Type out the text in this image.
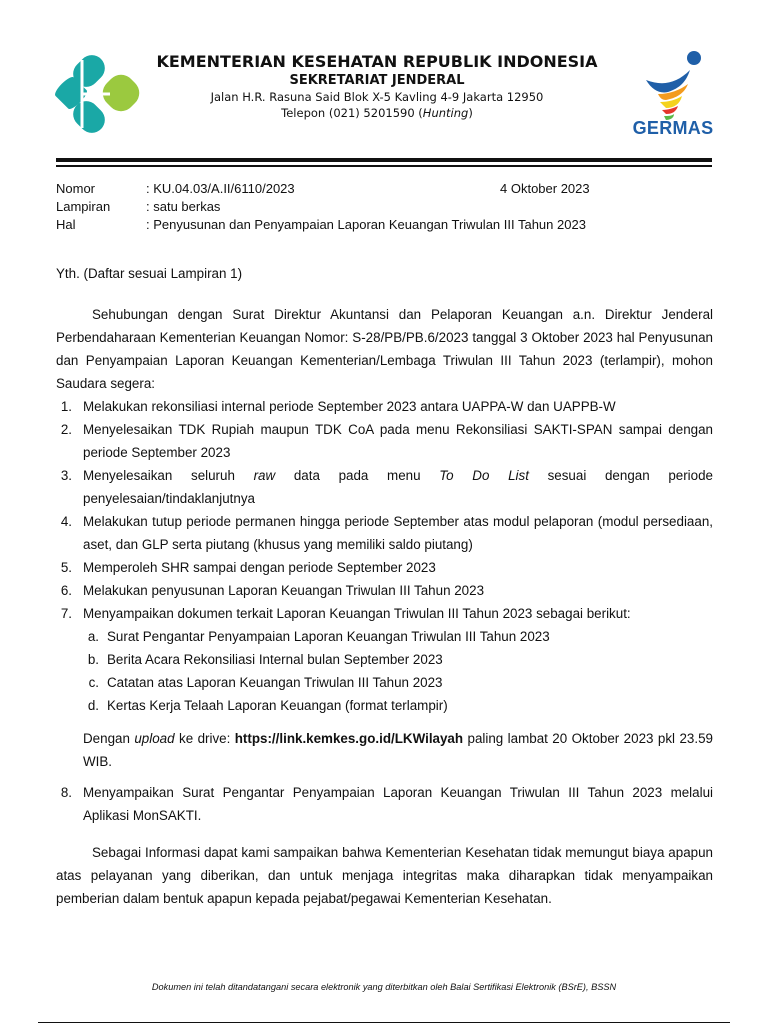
KEMENTERIAN KESEHATAN REPUBLIK INDONESIA
SEKRETARIAT JENDERAL
Jalan H.R. Rasuna Said Blok X-5 Kavling 4-9 Jakarta 12950
Telepon (021) 5201590 (Hunting)
GERMAS
Nomor	: KU.04.03/A.II/6110/2023	4 Oktober 2023
Lampiran	: satu berkas
Hal	: Penyusunan dan Penyampaian Laporan Keuangan Triwulan III Tahun 2023

Yth. (Daftar sesuai Lampiran 1)

Sehubungan dengan Surat Direktur Akuntansi dan Pelaporan Keuangan a.n. Direktur Jenderal Perbendaharaan Kementerian Keuangan Nomor: S-28/PB/PB.6/2023 tanggal 3 Oktober 2023 hal Penyusunan dan Penyampaian Laporan Keuangan Kementerian/Lembaga Triwulan III Tahun 2023 (terlampir), mohon Saudara segera:

1. Melakukan rekonsiliasi internal periode September 2023 antara UAPPA-W dan UAPPB-W
2. Menyelesaikan TDK Rupiah maupun TDK CoA pada menu Rekonsiliasi SAKTI-SPAN sampai dengan periode September 2023
3. Menyelesaikan seluruh raw data pada menu To Do List sesuai dengan periode penyelesaian/tindaklanjutnya
4. Melakukan tutup periode permanen hingga periode September atas modul pelaporan (modul persediaan, aset, dan GLP serta piutang (khusus yang memiliki saldo piutang)
5. Memperoleh SHR sampai dengan periode September 2023
6. Melakukan penyusunan Laporan Keuangan Triwulan III Tahun 2023
7. Menyampaikan dokumen terkait Laporan Keuangan Triwulan III Tahun 2023 sebagai berikut:
a. Surat Pengantar Penyampaian Laporan Keuangan Triwulan III Tahun 2023
b. Berita Acara Rekonsiliasi Internal bulan September 2023
c. Catatan atas Laporan Keuangan Triwulan III Tahun 2023
d. Kertas Kerja Telaah Laporan Keuangan (format terlampir)

Dengan upload ke drive: https://link.kemkes.go.id/LKWilayah paling lambat 20 Oktober 2023 pkl 23.59 WIB.

8. Menyampaikan Surat Pengantar Penyampaian Laporan Keuangan Triwulan III Tahun 2023 melalui Aplikasi MonSAKTI.

Sebagai Informasi dapat kami sampaikan bahwa Kementerian Kesehatan tidak memungut biaya apapun atas pelayanan yang diberikan, dan untuk menjaga integritas maka diharapkan tidak menyampaikan pemberian dalam bentuk apapun kepada pejabat/pegawai Kementerian Kesehatan.

Dokumen ini telah ditandatangani secara elektronik yang diterbitkan oleh Balai Sertifikasi Elektronik (BSrE), BSSN
